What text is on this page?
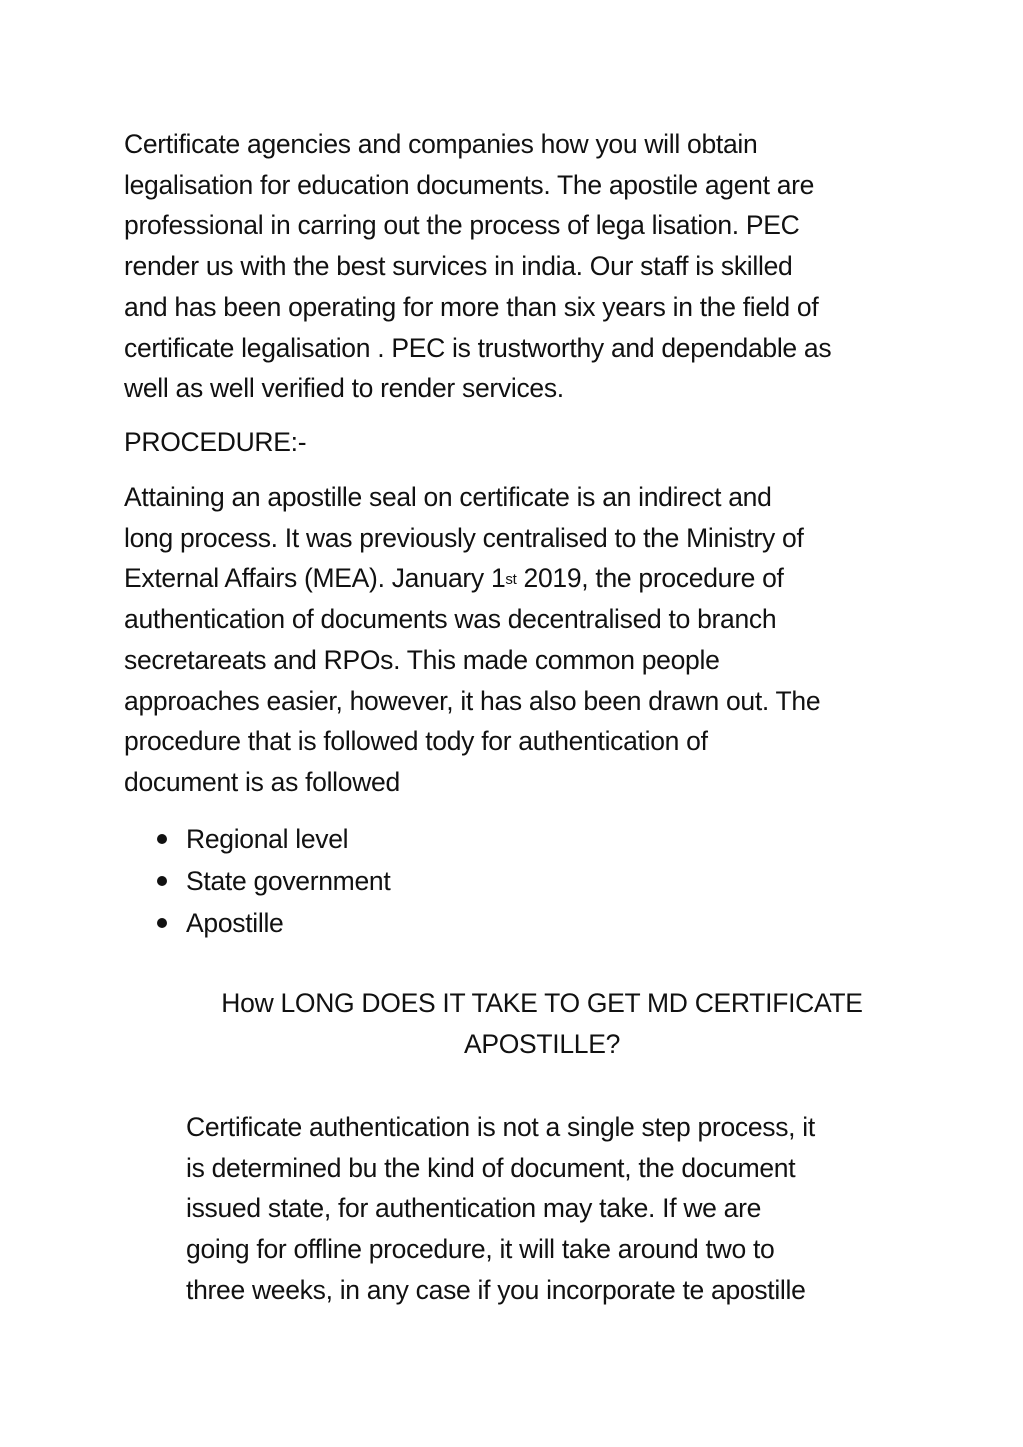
Certificate agencies and companies how you will obtain
legalisation for education documents. The apostile agent are
professional in carring out the process of lega lisation. PEC
render us with the best survices in india. Our staff is skilled
and has been operating for more than six years in the field of
certificate legalisation . PEC is trustworthy and dependable as
well as well verified to render services.
PROCEDURE:-
Attaining an apostille seal on certificate is an indirect and
long process. It was previously centralised to the Ministry of
External Affairs (MEA). January 1st 2019, the procedure of
authentication of documents was decentralised to branch
secretareats and RPOs. This made common people
approaches easier, however, it has also been drawn out. The
procedure that is followed tody for authentication of
document is as followed
Regional level
State government
Apostille
How LONG DOES IT TAKE TO GET MD CERTIFICATE
APOSTILLE?
Certificate authentication is not a single step process, it
is determined bu the kind of document, the document
issued state, for authentication may take. If we are
going for offline procedure, it will take around two to
three weeks, in any case if you incorporate te apostille
